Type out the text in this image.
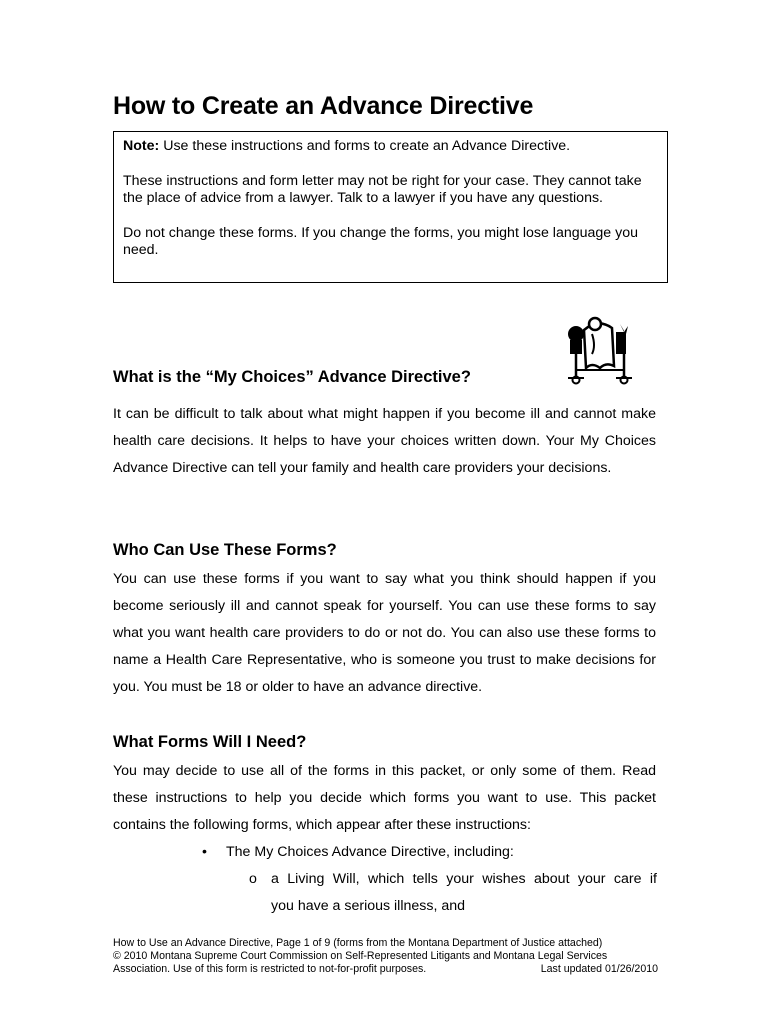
How to Create an Advance Directive

Note: Use these instructions and forms to create an Advance Directive.

These instructions and form letter may not be right for your case. They cannot take the place of advice from a lawyer. Talk to a lawyer if you have any questions.

Do not change these forms. If you change the forms, you might lose language you need.

What is the “My Choices” Advance Directive?

It can be difficult to talk about what might happen if you become ill and cannot make health care decisions. It helps to have your choices written down. Your My Choices Advance Directive can tell your family and health care providers your decisions.

Who Can Use These Forms?

You can use these forms if you want to say what you think should happen if you become seriously ill and cannot speak for yourself. You can use these forms to say what you want health care providers to do or not do. You can also use these forms to name a Health Care Representative, who is someone you trust to make decisions for you. You must be 18 or older to have an advance directive.

What Forms Will I Need?

You may decide to use all of the forms in this packet, or only some of them. Read these instructions to help you decide which forms you want to use. This packet contains the following forms, which appear after these instructions:

• The My Choices Advance Directive, including:
o a Living Will, which tells your wishes about your care if
you have a serious illness, and
How to Use an Advance Directive, Page 1 of 9 (forms from the Montana Department of Justice attached)
© 2010 Montana Supreme Court Commission on Self-Represented Litigants and Montana Legal Services
Association. Use of this form is restricted to not-for-profit purposes.	Last updated 01/26/2010
